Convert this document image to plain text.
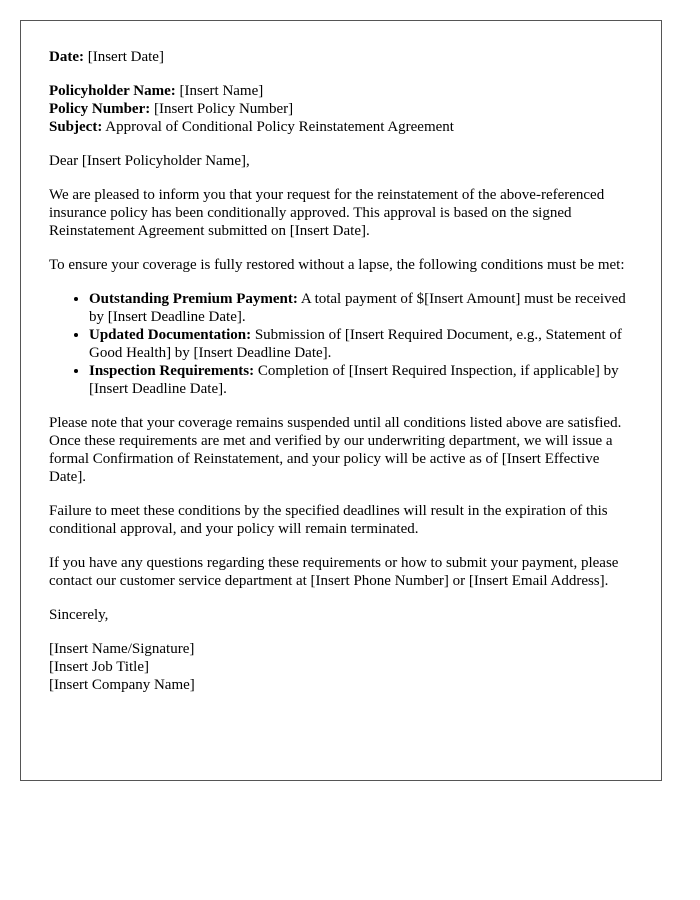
Date: [Insert Date]

Policyholder Name: [Insert Name]
Policy Number: [Insert Policy Number]
Subject: Approval of Conditional Policy Reinstatement Agreement

Dear [Insert Policyholder Name],

We are pleased to inform you that your request for the reinstatement of the above-referenced insurance policy has been conditionally approved. This approval is based on the signed Reinstatement Agreement submitted on [Insert Date].

To ensure your coverage is fully restored without a lapse, the following conditions must be met:

• Outstanding Premium Payment: A total payment of $[Insert Amount] must be received by [Insert Deadline Date].
• Updated Documentation: Submission of [Insert Required Document, e.g., Statement of Good Health] by [Insert Deadline Date].
• Inspection Requirements: Completion of [Insert Required Inspection, if applicable] by [Insert Deadline Date].

Please note that your coverage remains suspended until all conditions listed above are satisfied. Once these requirements are met and verified by our underwriting department, we will issue a formal Confirmation of Reinstatement, and your policy will be active as of [Insert Effective Date].

Failure to meet these conditions by the specified deadlines will result in the expiration of this conditional approval, and your policy will remain terminated.

If you have any questions regarding these requirements or how to submit your payment, please contact our customer service department at [Insert Phone Number] or [Insert Email Address].

Sincerely,

[Insert Name/Signature]
[Insert Job Title]
[Insert Company Name]
